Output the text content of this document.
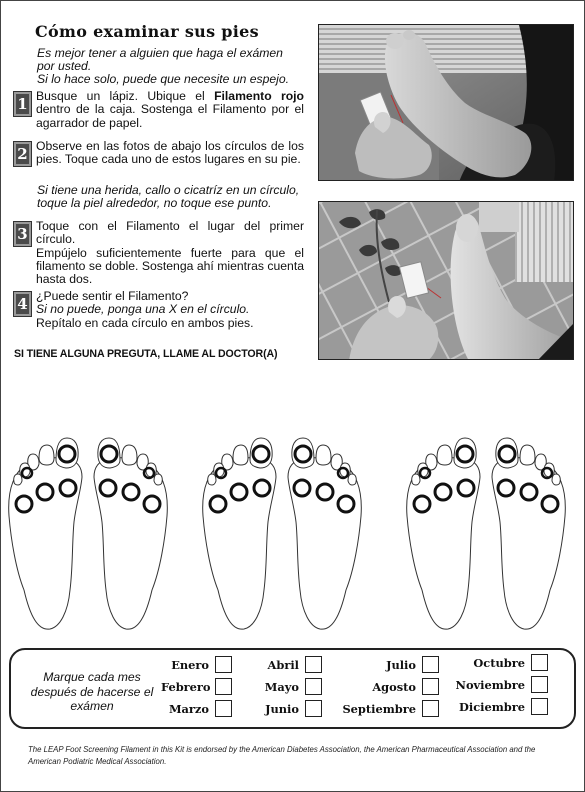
Cómo examinar sus pies
Es mejor tener a alguien que haga el exámen
por usted.
Si lo hace solo, puede que necesite un espejo.
1 Busque un lápiz. Ubique el Filamento rojo dentro de la caja. Sostenga el Filamento por el agarrador de papel.
2 Observe en las fotos de abajo los círculos de los pies. Toque cada uno de estos lugares en su pie.
Si tiene una herida, callo o cicatríz en un círculo, toque la piel alrededor, no toque ese punto.
3 Toque con el Filamento el lugar del primer círculo.
Empújelo suficientemente fuerte para que el filamento se doble. Sostenga ahí mientras cuenta hasta dos.
4 ¿Puede sentir el Filamento?
Si no puede, ponga una X en el círculo.
Repítalo en cada círculo en ambos pies.
SI TIENE ALGUNA PREGUTA, LLAME AL DOCTOR(A)
Marque cada mes después de hacerse el exámen
Enero
Febrero
Marzo
Abril
Mayo
Junio
Julio
Agosto
Septiembre
Octubre
Noviembre
Diciembre
The LEAP Foot Screening Filament in this Kit is endorsed by the American Diabetes Association, the American Pharmaceutical Association and the American Podiatric Medical Association.
